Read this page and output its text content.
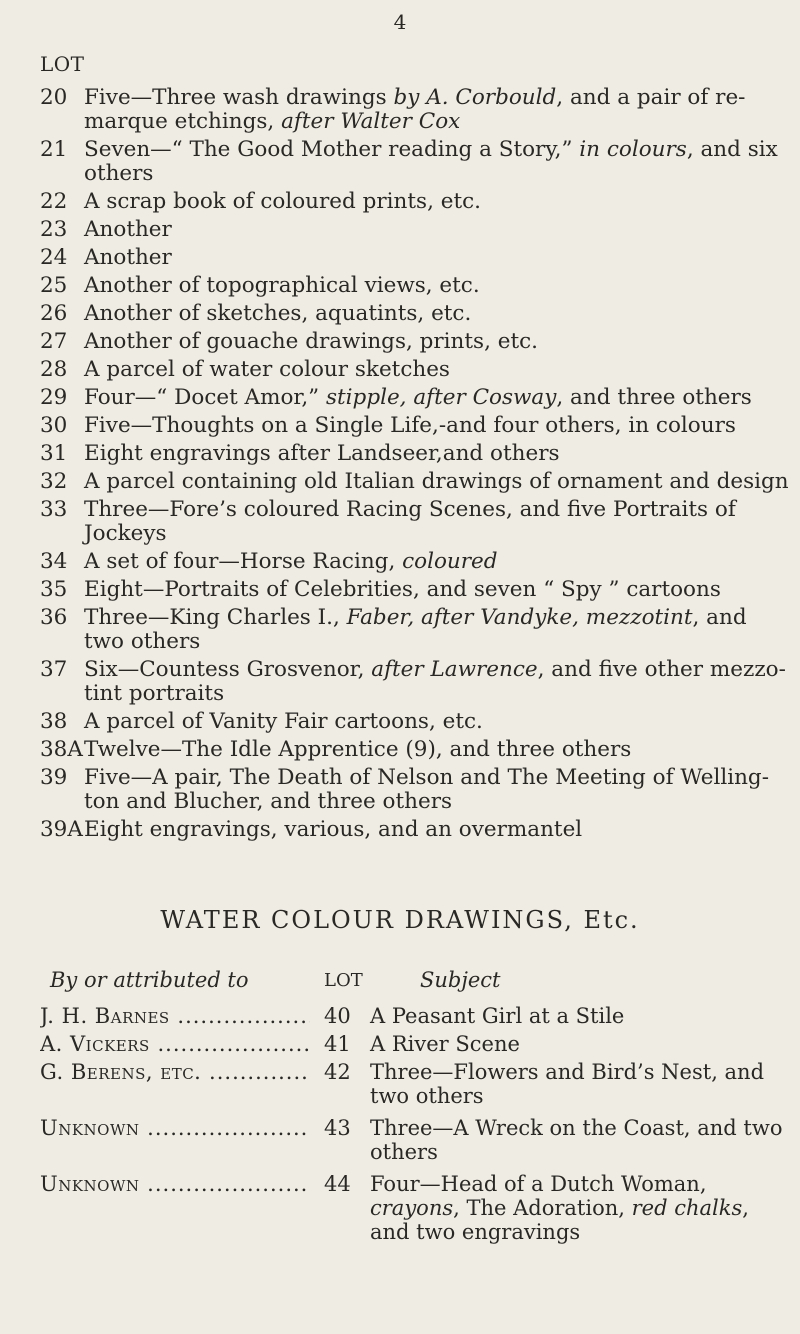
4
LOT
20 Five—Three wash drawings by A. Corbould, and a pair of re-marque etchings, after Walter Cox
21 Seven—“ The Good Mother reading a Story,” in colours, and six others
22 A scrap book of coloured prints, etc.
23 Another
24 Another
25 Another of topographical views, etc.
26 Another of sketches, aquatints, etc.
27 Another of gouache drawings, prints, etc.
28 A parcel of water colour sketches
29 Four—“ Docet Amor,” stipple, after Cosway, and three others
30 Five—Thoughts on a Single Life,-and four others, in colours
31 Eight engravings after Landseer,and others
32 A parcel containing old Italian drawings of ornament and design
33 Three—Fore’s coloured Racing Scenes, and five Portraits of Jockeys
34 A set of four—Horse Racing, coloured
35 Eight—Portraits of Celebrities, and seven “ Spy ” cartoons
36 Three—King Charles I., Faber, after Vandyke, mezzotint, and two others
37 Six—Countess Grosvenor, after Lawrence, and five other mezzo-tint portraits
38 A parcel of Vanity Fair cartoons, etc.
38A Twelve—The Idle Apprentice (9), and three others
39 Five—A pair, The Death of Nelson and The Meeting of Welling-ton and Blucher, and three others
39A Eight engravings, various, and an overmantel
WATER COLOUR DRAWINGS, Etc.
By or attributed to	LOT	Subject
J. H. Barnes .....	40 A Peasant Girl at a Stile
A. Vickers .....	41 A River Scene
G. Berens, etc. .....	42 Three—Flowers and Bird’s Nest, and two others
Unknown .....	43 Three—A Wreck on the Coast, and two others
Unknown .....	44 Four—Head of a Dutch Woman, crayons, The Adoration, red chalks, and two engravings
